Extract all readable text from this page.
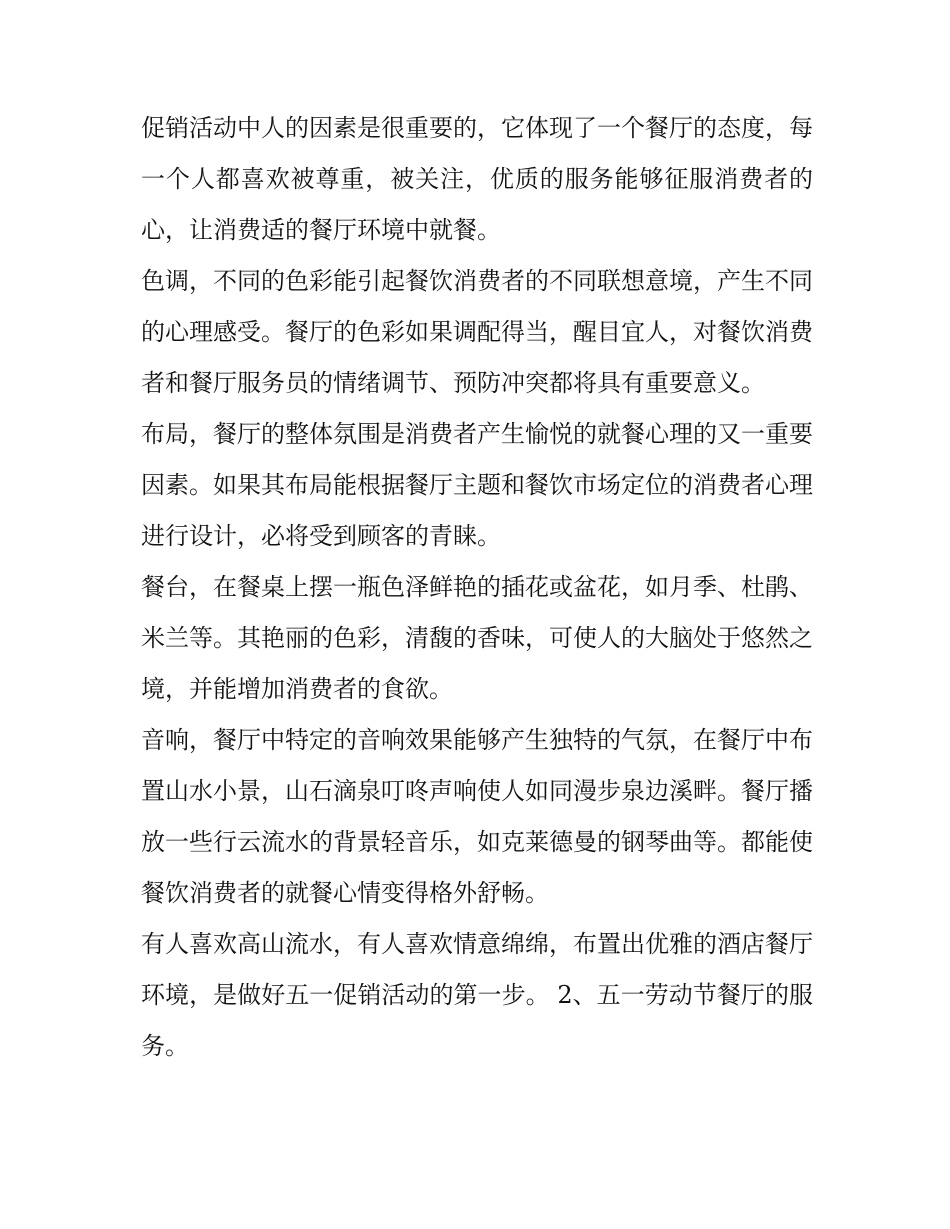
促销活动中人的因素是很重要的，它体现了一个餐厅的态度，每一个人都喜欢被尊重，被关注，优质的服务能够征服消费者的心，让消费适的餐厅环境中就餐。

色调，不同的色彩能引起餐饮消费者的不同联想意境，产生不同的心理感受。餐厅的色彩如果调配得当，醒目宜人，对餐饮消费者和餐厅服务员的情绪调节、预防冲突都将具有重要意义。

布局，餐厅的整体氛围是消费者产生愉悦的就餐心理的又一重要因素。如果其布局能根据餐厅主题和餐饮市场定位的消费者心理进行设计，必将受到顾客的青睐。

餐台，在餐桌上摆一瓶色泽鲜艳的插花或盆花，如月季、杜鹃、米兰等。其艳丽的色彩，清馥的香味，可使人的大脑处于悠然之境，并能增加消费者的食欲。

音响，餐厅中特定的音响效果能够产生独特的气氛，在餐厅中布置山水小景，山石滴泉叮咚声响使人如同漫步泉边溪畔。餐厅播放一些行云流水的背景轻音乐，如克莱德曼的钢琴曲等。都能使餐饮消费者的就餐心情变得格外舒畅。

有人喜欢高山流水，有人喜欢情意绵绵，布置出优雅的酒店餐厅环境，是做好五一促销活动的第一步。 2、五一劳动节餐厅的服务。
